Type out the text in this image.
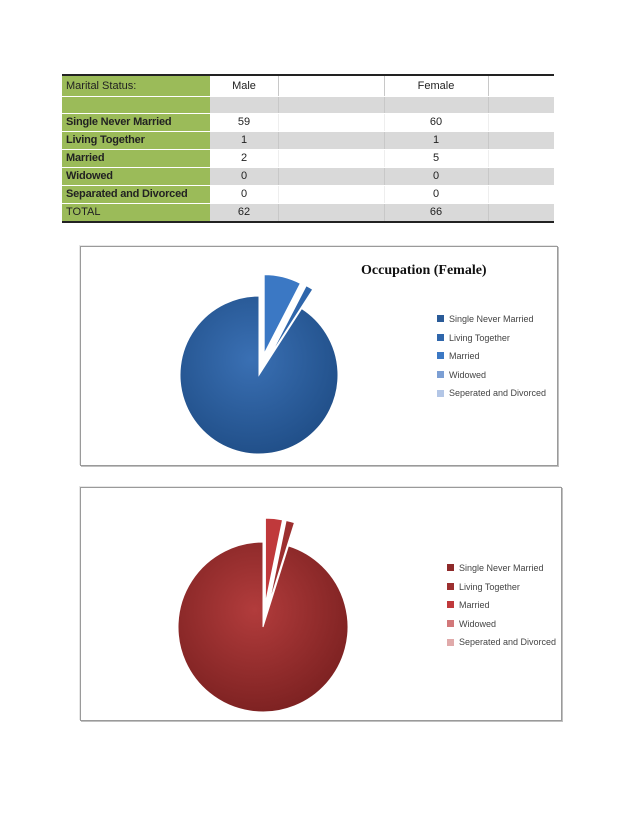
Marital Status:	Male	Female
Single Never Married	59	60
Living Together	1	1
Married	2	5
Widowed	0	0
Separated and Divorced	0	0
TOTAL	62	66
Occupation (Female)
Single Never Married
Living Together
Married
Widowed
Seperated and Divorced
Single Never Married
Living Together
Married
Widowed
Seperated and Divorced
